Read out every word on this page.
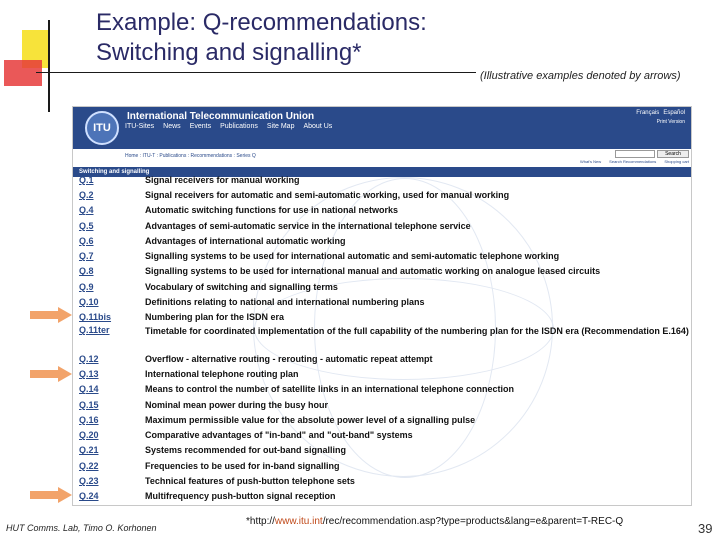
Example: Q-recommendations:
Switching and signalling*
(Illustrative examples denoted by arrows)
ITU
International Telecommunication Union
ITU-Sites News Events Publications Site Map About Us
Français Español
Print Version
Home : ITU-T : Publications : Recommendations : Series Q	Search
What's New Search Recommendations Shopping cart
Switching and signalling
Q.1	Signal receivers for manual working
Q.2	Signal receivers for automatic and semi-automatic working, used for manual working
Q.4	Automatic switching functions for use in national networks
Q.5	Advantages of semi-automatic service in the international telephone service
Q.6	Advantages of international automatic working
Q.7	Signalling systems to be used for international automatic and semi-automatic telephone working
Q.8	Signalling systems to be used for international manual and automatic working on analogue leased circuits
Q.9	Vocabulary of switching and signalling terms
Q.10	Definitions relating to national and international numbering plans
Q.11bis	Numbering plan for the ISDN era
Q.11ter	Timetable for coordinated implementation of the full capability of the numbering plan for the ISDN era (Recommendation E.164)
Q.12	Overflow - alternative routing - rerouting - automatic repeat attempt
Q.13	International telephone routing plan
Q.14	Means to control the number of satellite links in an international telephone connection
Q.15	Nominal mean power during the busy hour
Q.16	Maximum permissible value for the absolute power level of a signalling pulse
Q.20	Comparative advantages of "in-band" and "out-band" systems
Q.21	Systems recommended for out-band signalling
Q.22	Frequencies to be used for in-band signalling
Q.23	Technical features of push-button telephone sets
Q.24	Multifrequency push-button signal reception
HUT Comms. Lab, Timo O. Korhonen
*http://www.itu.int/rec/recommendation.asp?type=products&lang=e&parent=T-REC-Q	39
